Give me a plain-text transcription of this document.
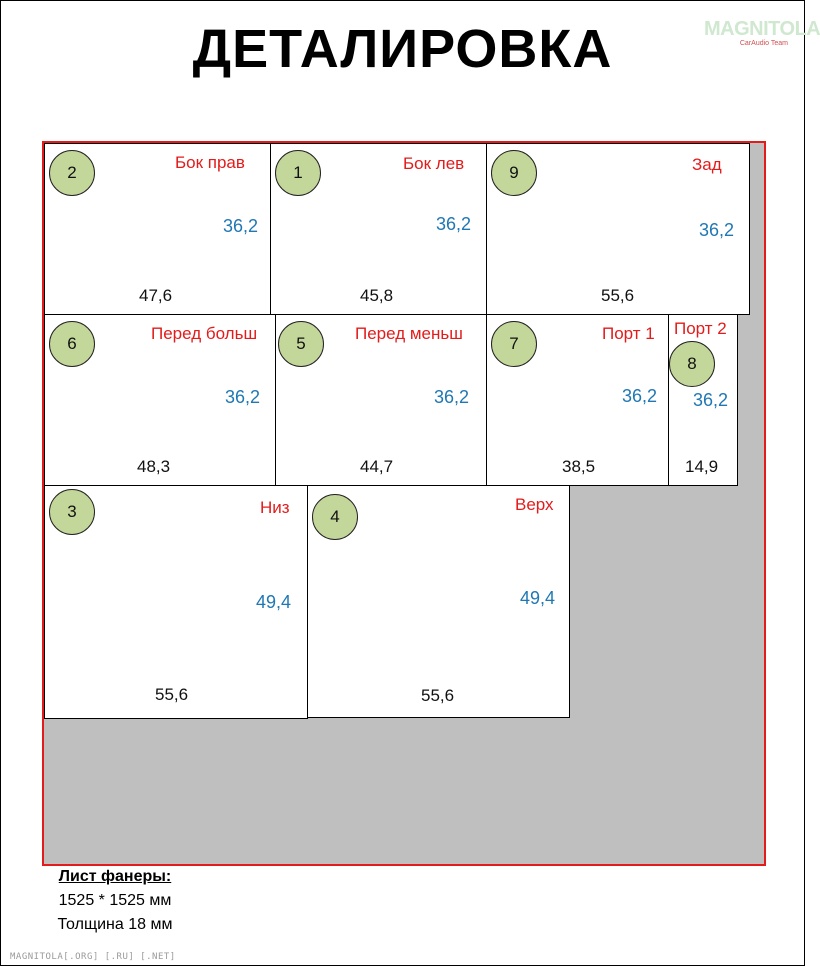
ДЕТАЛИРОВКА	MAGNITOLA
CarAudio Team
2
Бок прав
36,2
47,6
1	Бок лев
36,2
45,8
9	Зад
36,2
55,6
6
Перед больш
36,2
48,3
5
Перед меньш
36,2
44,7
7
Порт 1
36,2
38,5
Порт 2
8
36,2
14,9
3	Низ
49,4
55,6
4
Верх
49,4
55,6
Лист фанеры:
1525 * 1525 мм
Толщина 18 мм
MAGNITOLA[.ORG] [.RU] [.NET]
